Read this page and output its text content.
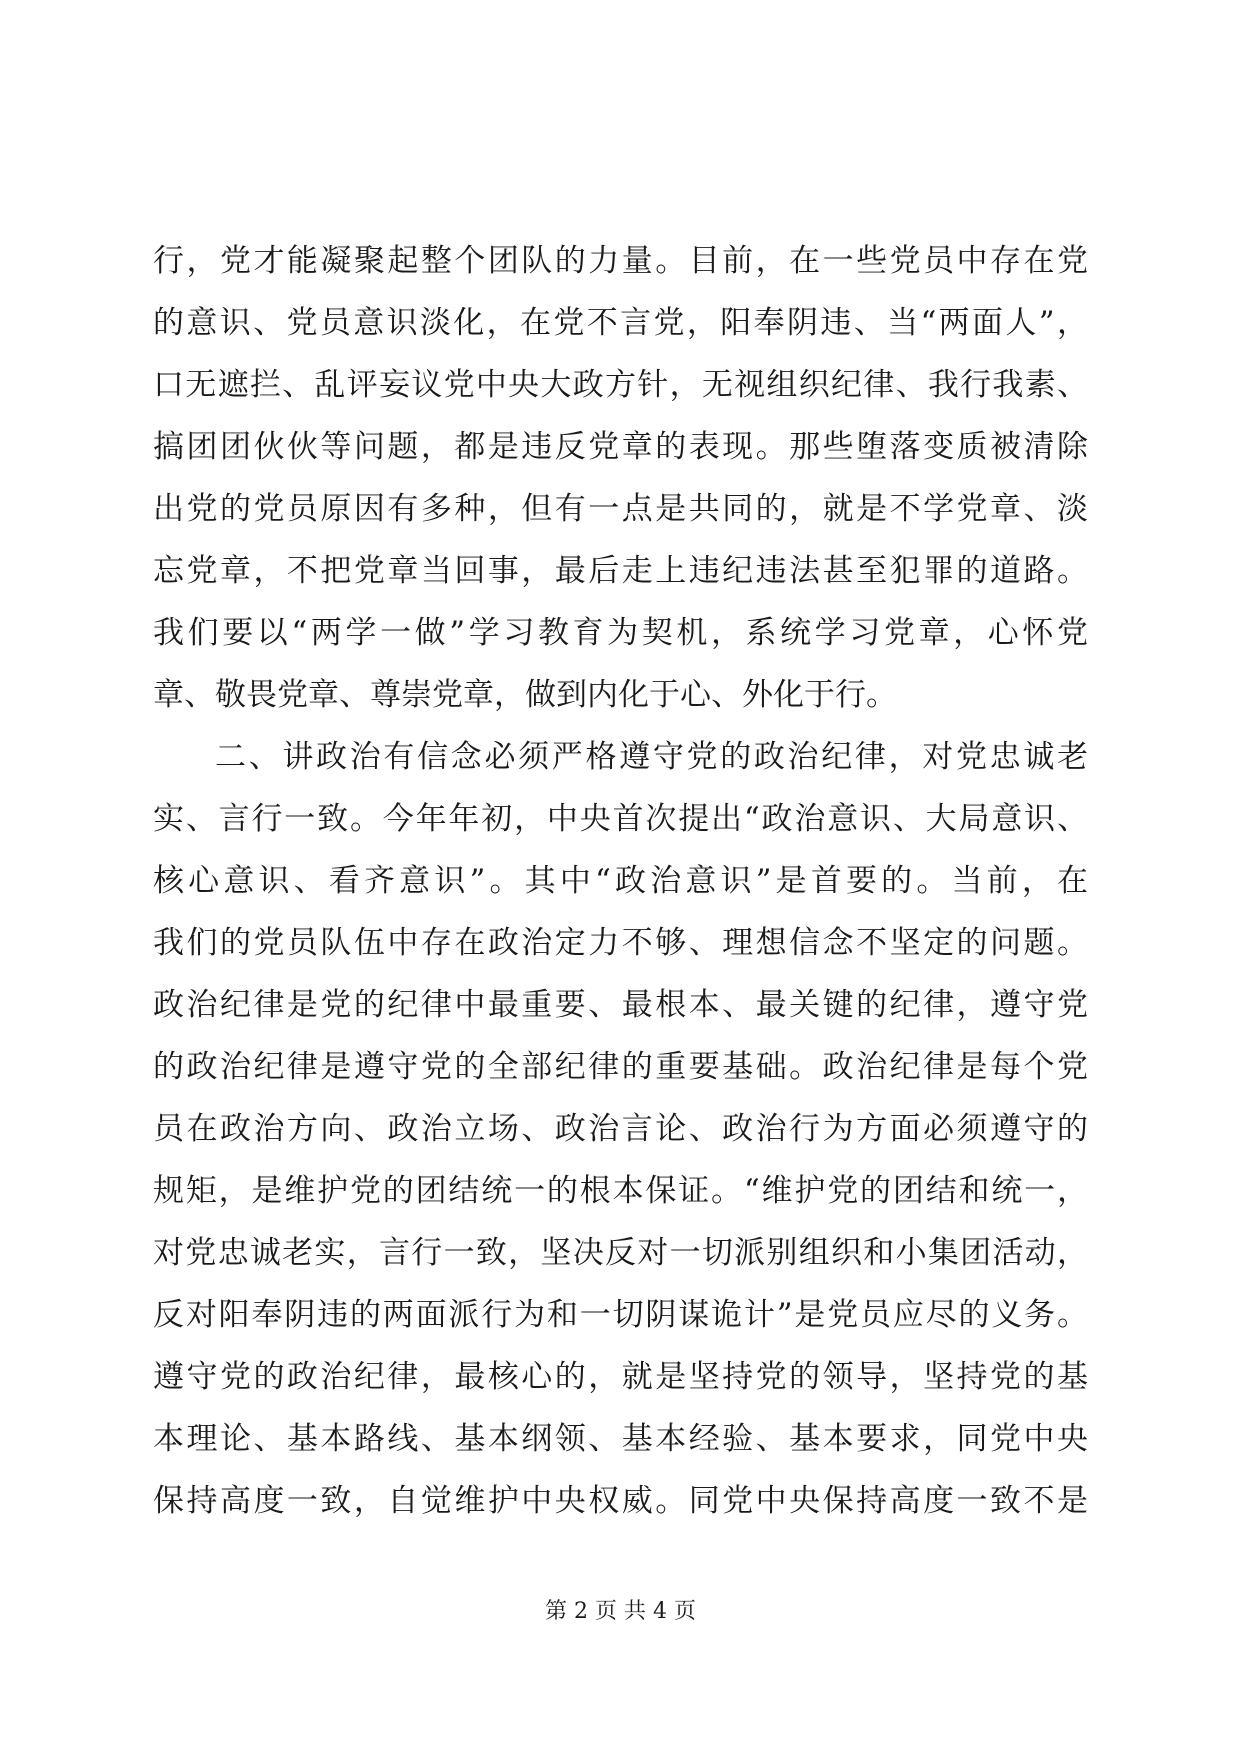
行，党才能凝聚起整个团队的力量。目前，在一些党员中存在党
的意识、党员意识淡化，在党不言党，阳奉阴违、当“两面人”，
口无遮拦、乱评妄议党中央大政方针，无视组织纪律、我行我素、
搞团团伙伙等问题，都是违反党章的表现。那些堕落变质被清除
出党的党员原因有多种，但有一点是共同的，就是不学党章、淡
忘党章，不把党章当回事，最后走上违纪违法甚至犯罪的道路。
我们要以“两学一做”学习教育为契机，系统学习党章，心怀党
章、敬畏党章、尊崇党章，做到内化于心、外化于行。
二、讲政治有信念必须严格遵守党的政治纪律，对党忠诚老
实、言行一致。今年年初，中央首次提出“政治意识、大局意识、
核心意识、看齐意识”。其中“政治意识”是首要的。当前，在
我们的党员队伍中存在政治定力不够、理想信念不坚定的问题。
政治纪律是党的纪律中最重要、最根本、最关键的纪律，遵守党
的政治纪律是遵守党的全部纪律的重要基础。政治纪律是每个党
员在政治方向、政治立场、政治言论、政治行为方面必须遵守的
规矩，是维护党的团结统一的根本保证。“维护党的团结和统一，
对党忠诚老实，言行一致，坚决反对一切派别组织和小集团活动，
反对阳奉阴违的两面派行为和一切阴谋诡计”是党员应尽的义务。
遵守党的政治纪律，最核心的，就是坚持党的领导，坚持党的基
本理论、基本路线、基本纲领、基本经验、基本要求，同党中央
保持高度一致，自觉维护中央权威。同党中央保持高度一致不是
第 2 页 共 4 页
